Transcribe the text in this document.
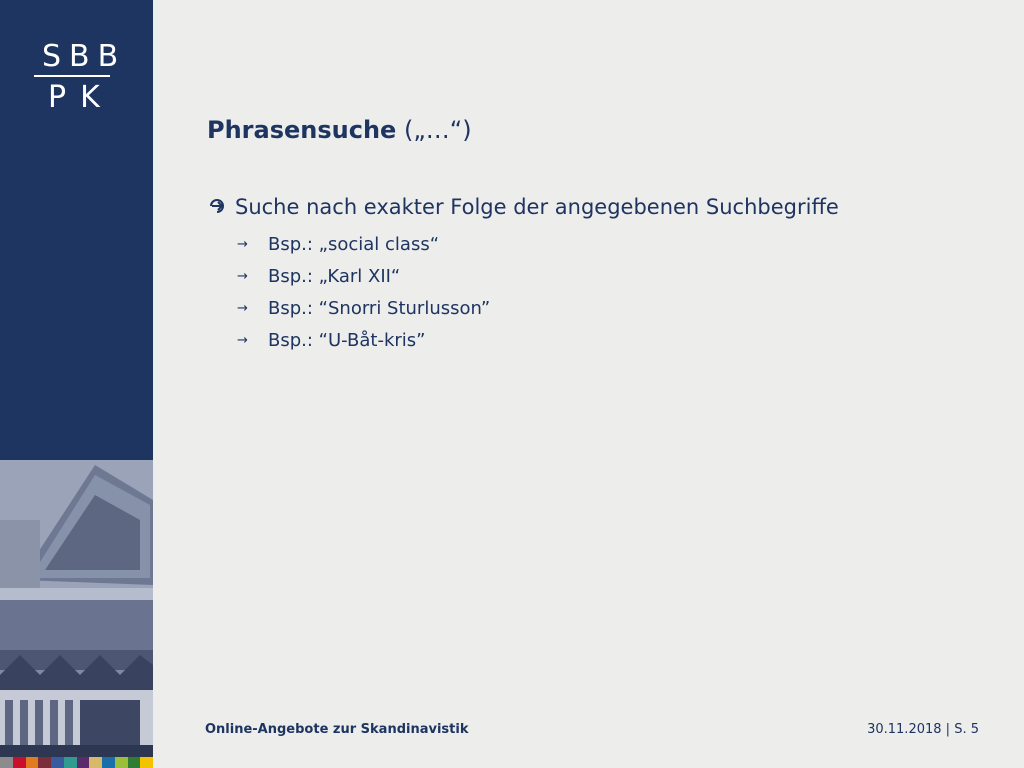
SBB
PK
Phrasensuche („…“)
Suche nach exakter Folge der angegebenen Suchbegriffe
→ Bsp.: „social class“
→ Bsp.: „Karl XII“
→ Bsp.: “Snorri Sturlusson”
→ Bsp.: “U-Båt-kris”
Online-Angebote zur Skandinavistik	30.11.2018 | S. 5
